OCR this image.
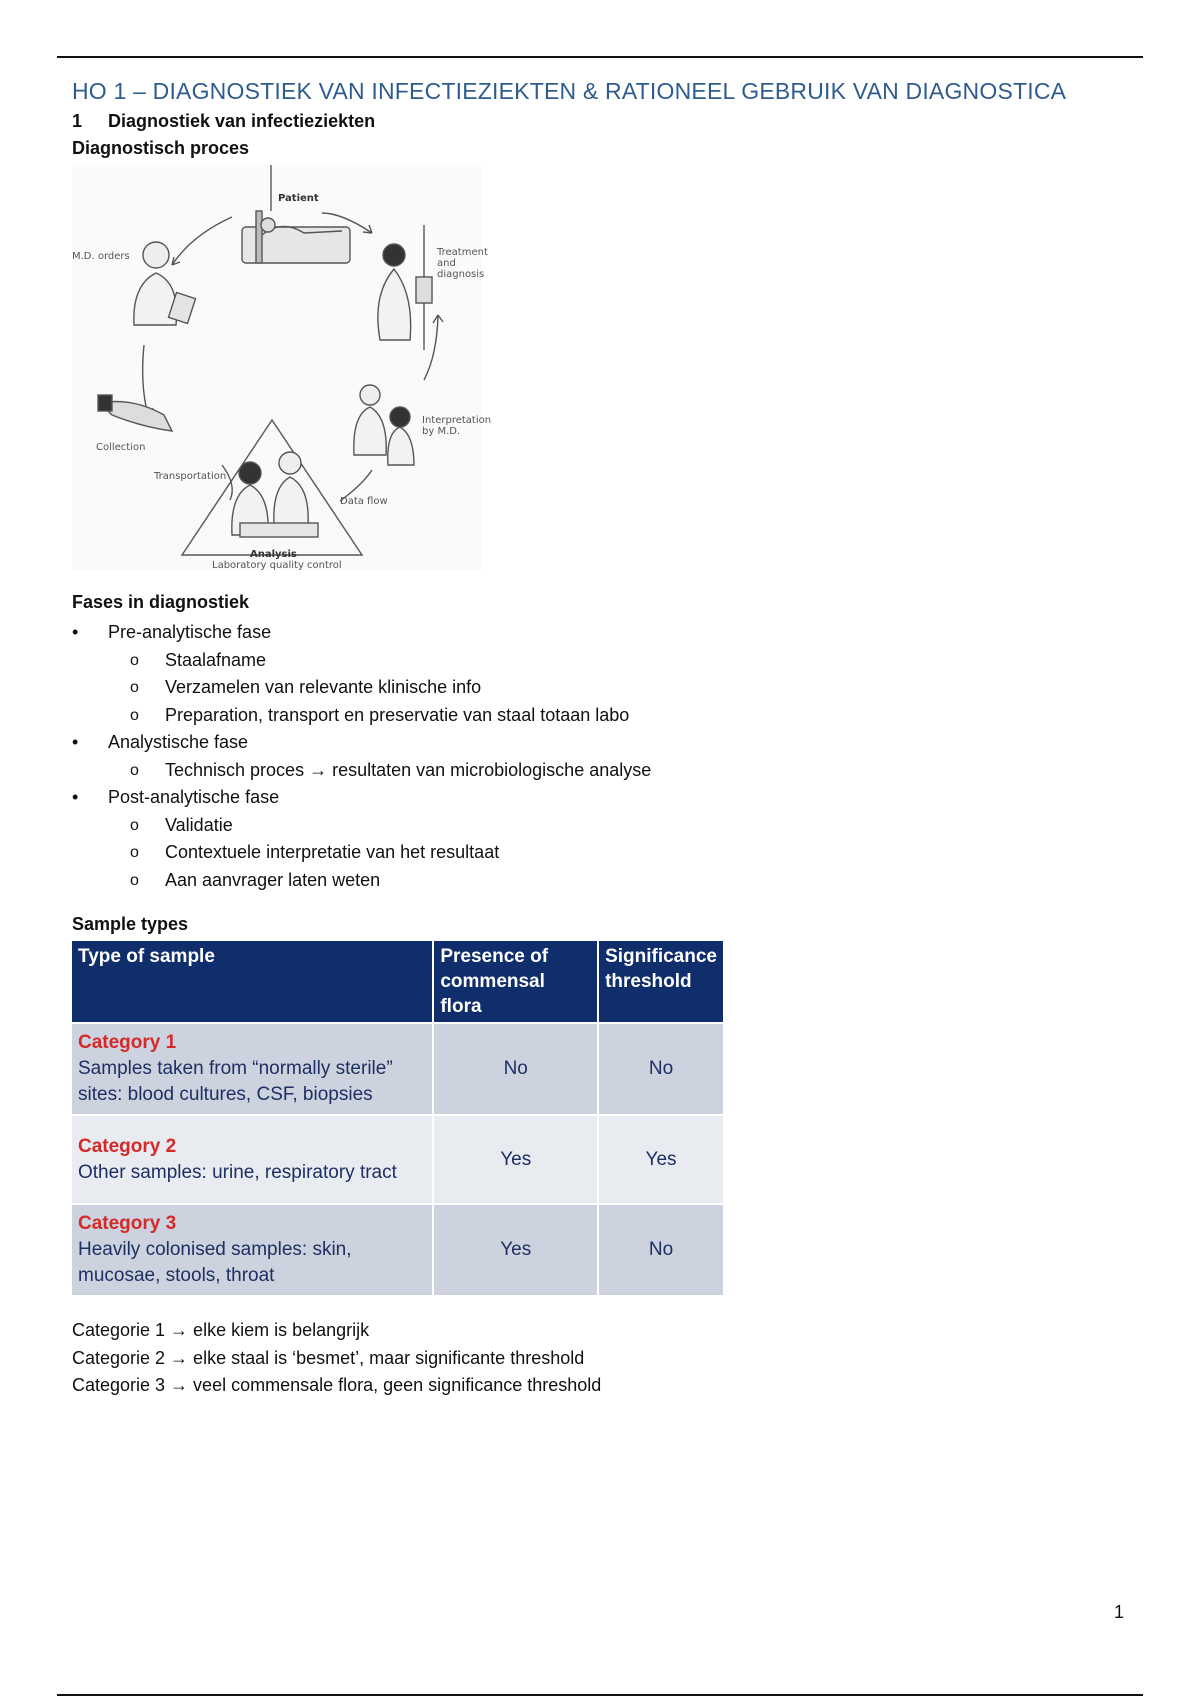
HO 1 – DIAGNOSTIEK VAN INFECTIEZIEKTEN & RATIONEEL GEBRUIK VAN DIAGNOSTICA
1 Diagnostiek van infectieziekten
Diagnostisch proces
Patient
Treatment
and
diagnosis
M.D. orders
Interpretation
by M.D.
Collection
Transportation
Data flow
Analysis
Laboratory quality control
Fases in diagnostiek
• Pre-analytische fase
o Staalafname
o Verzamelen van relevante klinische info
o Preparation, transport en preservatie van staal totaan labo
• Analystische fase
o Technisch proces → resultaten van microbiologische analyse
• Post-analytische fase
o Validatie
o Contextuele interpretatie van het resultaat
o Aan aanvrager laten weten
Sample types
Type of sample	Presence of commensal flora	Significance threshold

Category 1
Samples taken from “normally sterile” sites: blood cultures, CSF, biopsies	No	No

Category 2
Other samples: urine, respiratory tract	Yes	Yes

Category 3
Heavily colonised samples: skin, mucosae, stools, throat	Yes	No
Categorie 1 → elke kiem is belangrijk
Categorie 2 → elke staal is ‘besmet’, maar significante threshold
Categorie 3 → veel commensale flora, geen significance threshold
1
